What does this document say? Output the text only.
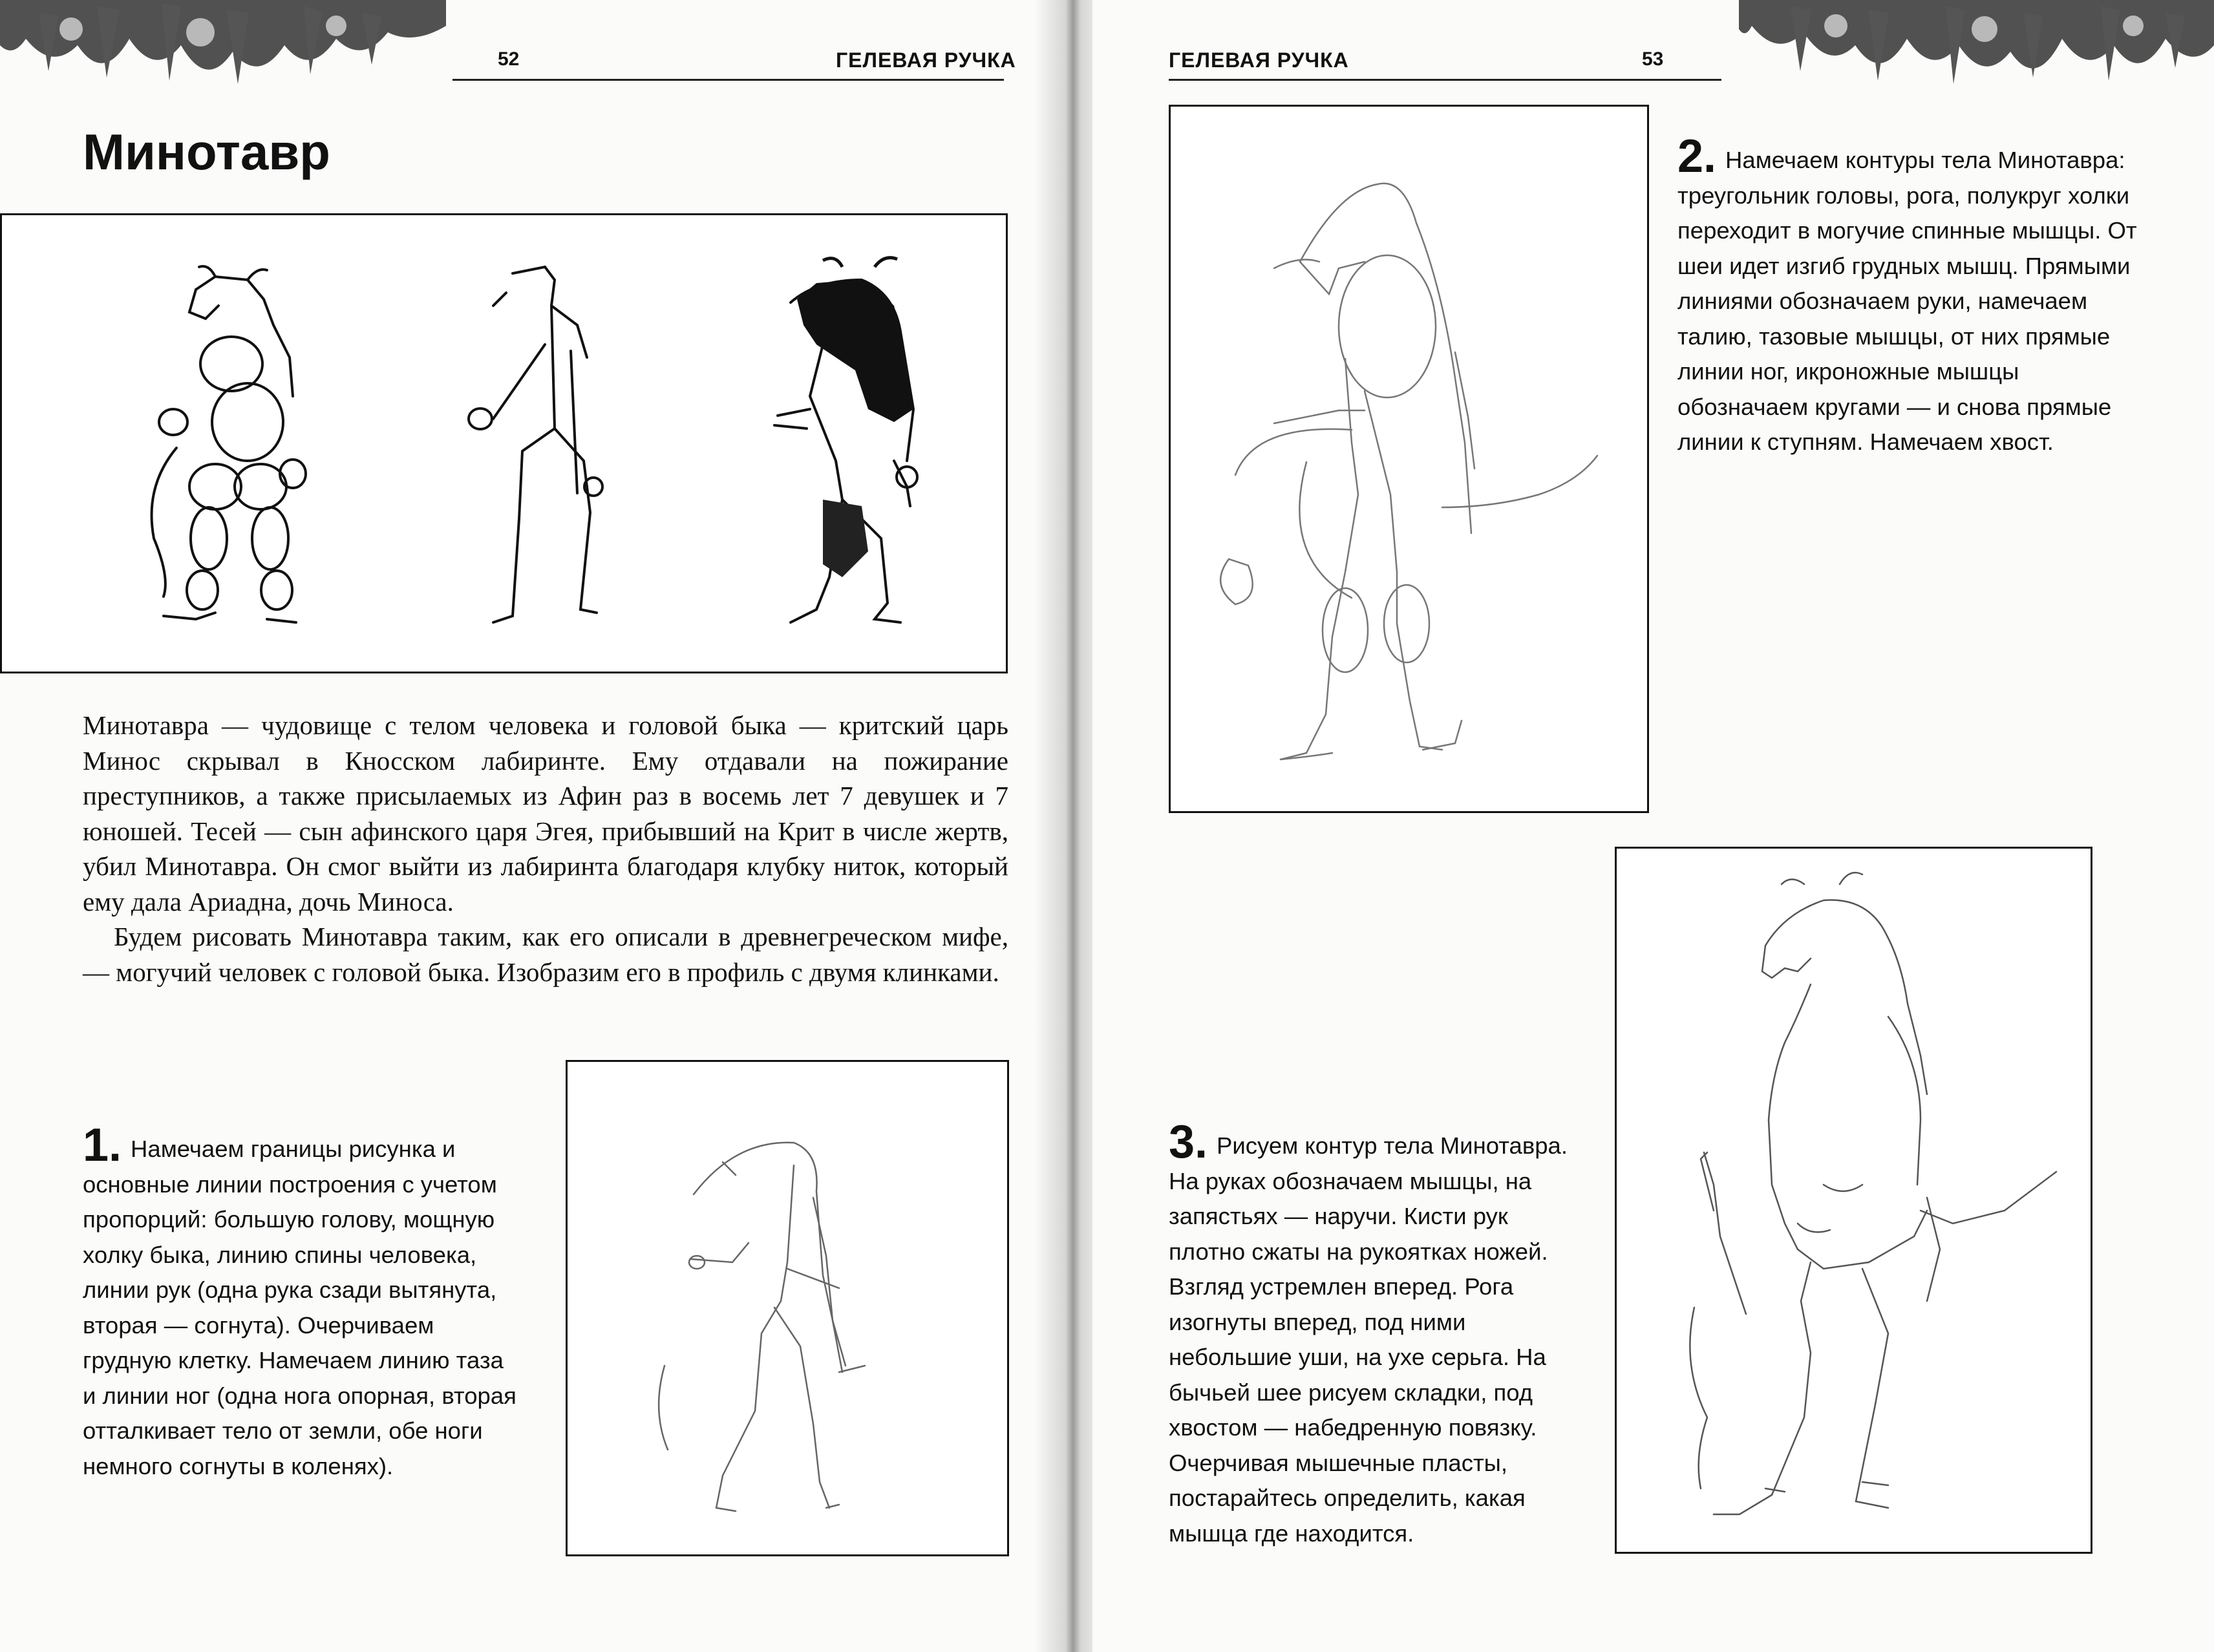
52	ГЕЛЕВАЯ РУЧКА
Минотавр

Минотавра — чудовище с телом человека и головой быка — критский царь Минос скрывал в Кносском лабиринте. Ему отдавали на пожирание преступников, а также присылаемых из Афин раз в восемь лет 7 девушек и 7 юношей. Тесей — сын афинского царя Эгея, прибывший на Крит в числе жертв, убил Минотавра. Он смог выйти из лабиринта благодаря клубку ниток, который ему дала Ариадна, дочь Миноса.

Будем рисовать Минотавра таким, как его описали в древнегреческом мифе, — могучий человек с головой быка. Изобразим его в профиль с двумя клинками.

1. Намечаем границы рисунка и основные линии построения с учетом пропорций: большую голову, мощную холку быка, линию спины человека, линии рук (одна рука сзади вытянута, вторая — согнута). Очерчиваем грудную клетку. Намечаем линию таза и линии ног (одна нога опорная, вторая отталкивает тело от земли, обе ноги немного согнуты в коленях).
ГЕЛЕВАЯ РУЧКА	53
2. Намечаем контуры тела Минотавра: треугольник головы, рога, полукруг холки переходит в могучие спинные мышцы. От шеи идет изгиб грудных мышц. Прямыми линиями обозначаем руки, намечаем талию, тазовые мышцы, от них прямые линии ног, икроножные мышцы обозначаем кругами — и снова прямые линии к ступням. Намечаем хвост.
3. Рисуем контур тела Минотавра. На руках обозначаем мышцы, на запястьях — наручи. Кисти рук плотно сжаты на рукоятках ножей. Взгляд устремлен вперед. Рога изогнуты вперед, под ними небольшие уши, на ухе серьга. На бычьей шее рисуем складки, под хвостом — набедренную повязку. Очерчивая мышечные пласты, постарайтесь определить, какая мышца где находится.
